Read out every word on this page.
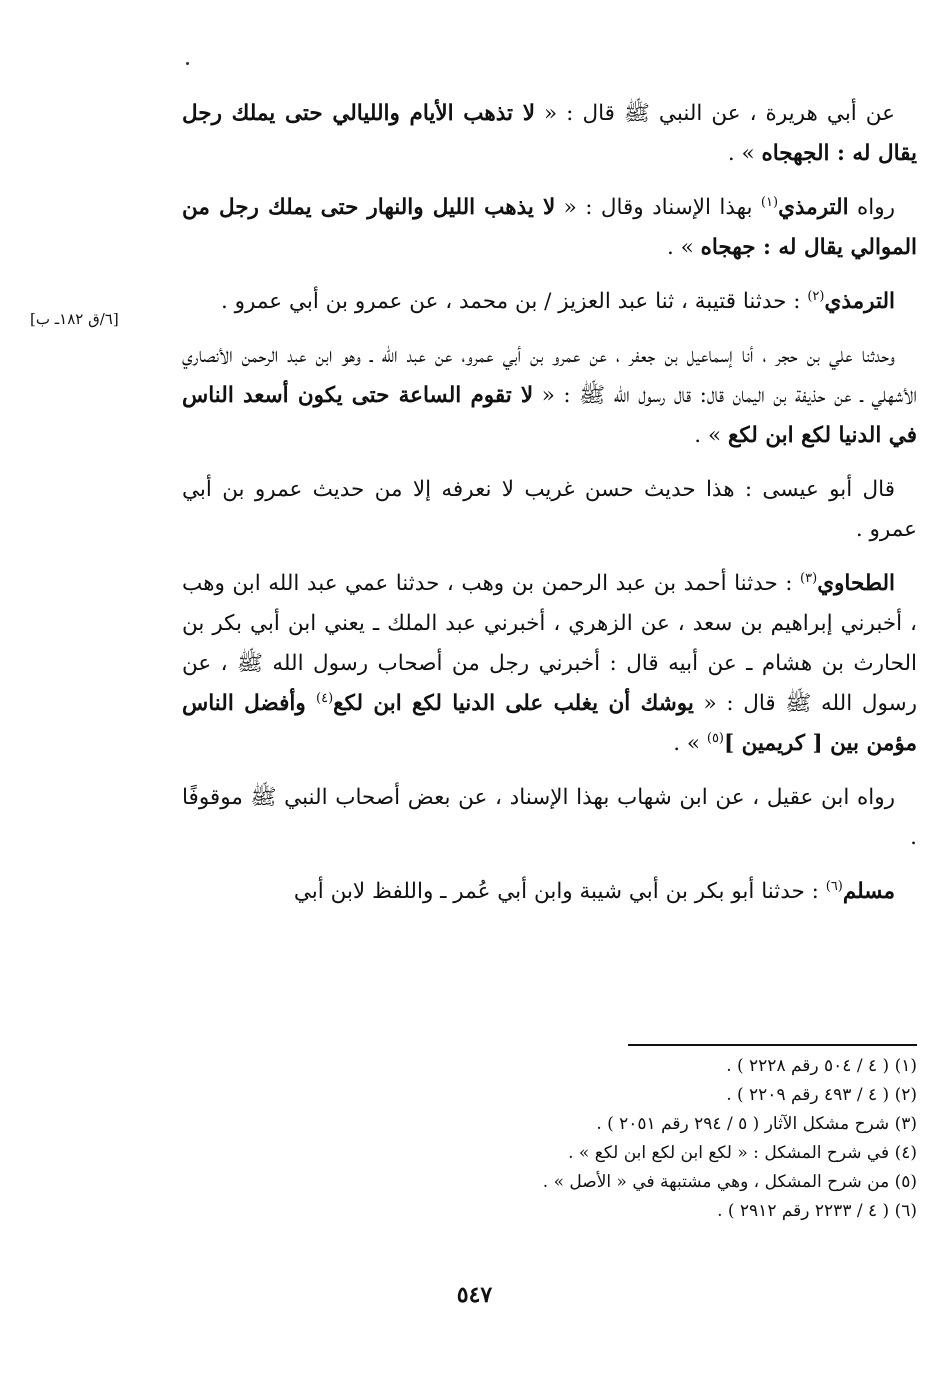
[٦/ق ١٨٢ـ ب]

عن أبي هريرة ، عن النبي ﷺ قال : « لا تذهب الأيام والليالي حتى يملك رجل يقال له : الجهجاه » .

رواه الترمذي$^{(١)}$ بهذا الإسناد وقال : « لا يذهب الليل والنهار حتى يملك رجل من الموالي يقال له : جهجاه » .

الترمذي$^{(٢)}$ : حدثنا قتيبة ، ثنا عبد العزيز / بن محمد ، عن عمرو بن أبي عمرو .

وحدثنا علي بن حجر ، أنا إسماعيل بن جعفر ، عن عمرو بن أبي عمرو، عن عبد الله ـ وهو ابن عبد الرحمن الأنصاري الأشهلي ـ عن حذيفة بن اليمان قال: قال رسول الله ﷺ : « لا تقوم الساعة حتى يكون أسعد الناس في الدنيا لكع ابن لكع » .

قال أبو عيسى : هذا حديث حسن غريب لا نعرفه إلا من حديث عمرو بن أبي عمرو .

الطحاوي$^{(٣)}$ : حدثنا أحمد بن عبد الرحمن بن وهب ، حدثنا عمي عبد الله ابن وهب ، أخبرني إبراهيم بن سعد ، عن الزهري ، أخبرني عبد الملك ـ يعني ابن أبي بكر بن الحارث بن هشام ـ عن أبيه قال : أخبرني رجل من أصحاب رسول الله ﷺ ، عن رسول الله ﷺ قال : « يوشك أن يغلب على الدنيا لكع ابن لكع$^{(٤)}$ وأفضل الناس مؤمن بين [ كريمين ]$^{(٥)}$ » .

رواه ابن عقيل ، عن ابن شهاب بهذا الإسناد ، عن بعض أصحاب النبي ﷺ موقوفًا .

مسلم$^{(٦)}$ : حدثنا أبو بكر بن أبي شيبة وابن أبي عُمر ـ واللفظ لابن أبي

(١) ( ٤ / ٥٠٤ رقم ٢٢٢٨ ) .
(٢) ( ٤ / ٤٩٣ رقم ٢٢٠٩ ) .
(٣) شرح مشكل الآثار ( ٥ / ٢٩٤ رقم ٢٠٥١ ) .
(٤) في شرح المشكل : « لكع ابن لكع ابن لكع » .
(٥) من شرح المشكل ، وهي مشتبهة في « الأصل » .
(٦) ( ٤ / ٢٢٣٣ رقم ٢٩١٢ ) .
٥٤٧
